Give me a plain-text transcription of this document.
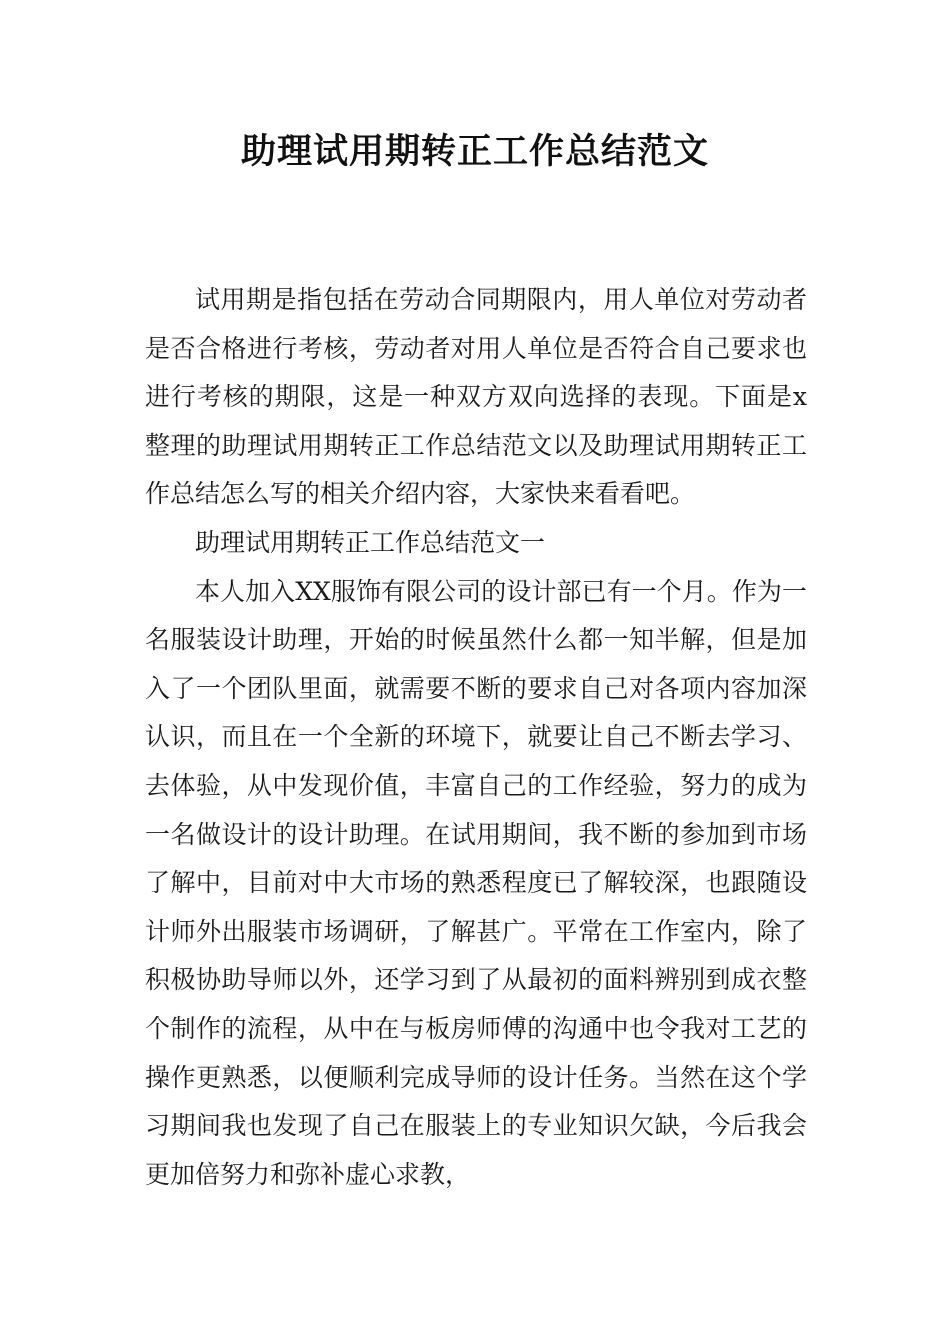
助理试用期转正工作总结范文

试用期是指包括在劳动合同期限内，用人单位对劳动者是否合格进行考核，劳动者对用人单位是否符合自己要求也进行考核的期限，这是一种双方双向选择的表现。下面是x整理的助理试用期转正工作总结范文以及助理试用期转正工作总结怎么写的相关介绍内容，大家快来看看吧。

助理试用期转正工作总结范文一

本人加入XX服饰有限公司的设计部已有一个月。作为一名服装设计助理，开始的时候虽然什么都一知半解，但是加入了一个团队里面，就需要不断的要求自己对各项内容加深认识，而且在一个全新的环境下，就要让自己不断去学习、去体验，从中发现价值，丰富自己的工作经验，努力的成为一名做设计的设计助理。在试用期间，我不断的参加到市场了解中，目前对中大市场的熟悉程度已了解较深，也跟随设计师外出服装市场调研，了解甚广。平常在工作室内，除了积极协助导师以外，还学习到了从最初的面料辨别到成衣整个制作的流程，从中在与板房师傅的沟通中也令我对工艺的操作更熟悉，以便顺利完成导师的设计任务。当然在这个学习期间我也发现了自己在服装上的专业知识欠缺，今后我会更加倍努力和弥补虚心求教，
